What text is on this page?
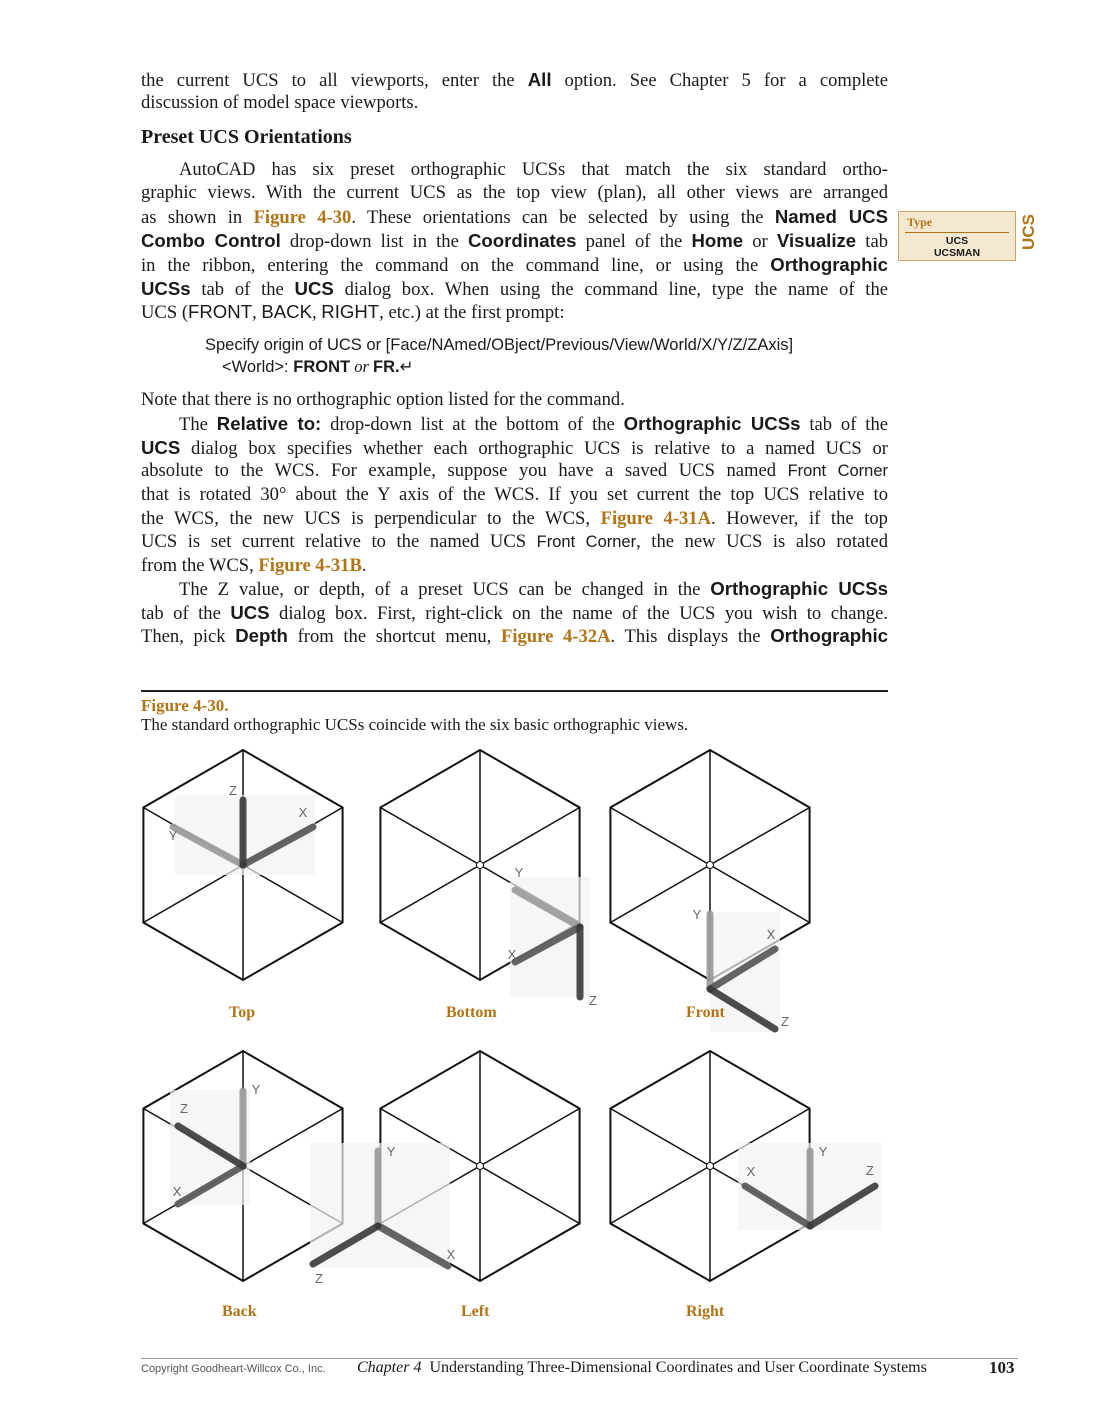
the current UCS to all viewports, enter the All option. See Chapter 5 for a complete
discussion of model space viewports.
Preset UCS Orientations
AutoCAD has six preset orthographic UCSs that match the six standard ortho-
graphic views. With the current UCS as the top view (plan), all other views are arranged
as shown in Figure 4-30. These orientations can be selected by using the Named UCS
Combo Control drop-down list in the Coordinates panel of the Home or Visualize tab
in the ribbon, entering the command on the command line, or using the Orthographic
UCSs tab of the UCS dialog box. When using the command line, type the name of the
UCS (FRONT, BACK, RIGHT, etc.) at the first prompt:
Specify origin of UCS or [Face/NAmed/OBject/Previous/View/World/X/Y/Z/ZAxis]
<World>: FRONT or FR.↵
Note that there is no orthographic option listed for the command.
The Relative to: drop-down list at the bottom of the Orthographic UCSs tab of the
UCS dialog box specifies whether each orthographic UCS is relative to a named UCS or
absolute to the WCS. For example, suppose you have a saved UCS named Front Corner
that is rotated 30° about the Y axis of the WCS. If you set current the top UCS relative to
the WCS, the new UCS is perpendicular to the WCS, Figure 4-31A. However, if the top
UCS is set current relative to the named UCS Front Corner, the new UCS is also rotated
from the WCS, Figure 4-31B.
The Z value, or depth, of a preset UCS can be changed in the Orthographic UCSs
tab of the UCS dialog box. First, right-click on the name of the UCS you wish to change.
Then, pick Depth from the shortcut menu, Figure 4-32A. This displays the Orthographic
Type
UCS
UCSMAN
UCS
Figure 4-30.
The standard orthographic UCSs coincide with the six basic orthographic views.
Y
X
Z
Y
X
Z
Y
X
Z
Y
X
Z
Y
X
Z
Y
X	Z
Top	Bottom	Front
Back	Left	Right
Copyright Goodheart-Willcox Co., Inc. Chapter 4 Understanding Three-Dimensional Coordinates and User Coordinate Systems	103
